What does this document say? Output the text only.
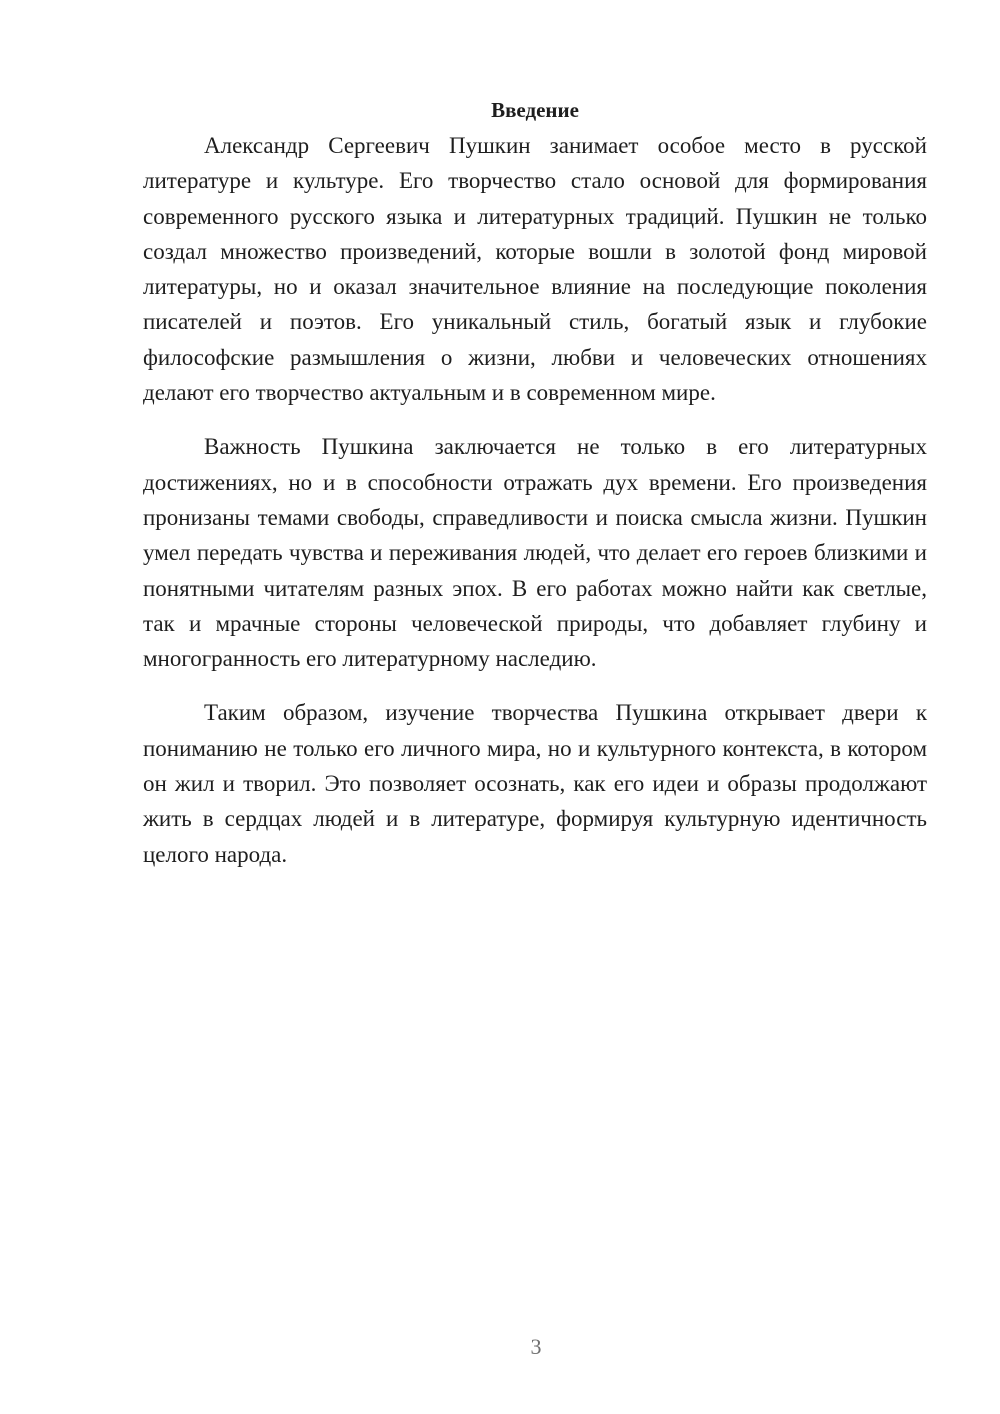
Введение

Александр Сергеевич Пушкин занимает особое место в русской литературе и культуре. Его творчество стало основой для формирования современного русского языка и литературных традиций. Пушкин не только создал множество произведений, которые вошли в золотой фонд мировой литературы, но и оказал значительное влияние на последующие поколения писателей и поэтов. Его уникальный стиль, богатый язык и глубокие философские размышления о жизни, любви и человеческих отношениях делают его творчество актуальным и в современном мире.

Важность Пушкина заключается не только в его литературных достижениях, но и в способности отражать дух времени. Его произведения пронизаны темами свободы, справедливости и поиска смысла жизни. Пушкин умел передать чувства и переживания людей, что делает его героев близкими и понятными читателям разных эпох. В его работах можно найти как светлые, так и мрачные стороны человеческой природы, что добавляет глубину и многогранность его литературному наследию.

Таким образом, изучение творчества Пушкина открывает двери к пониманию не только его личного мира, но и культурного контекста, в котором он жил и творил. Это позволяет осознать, как его идеи и образы продолжают жить в сердцах людей и в литературе, формируя культурную идентичность целого народа.

3
